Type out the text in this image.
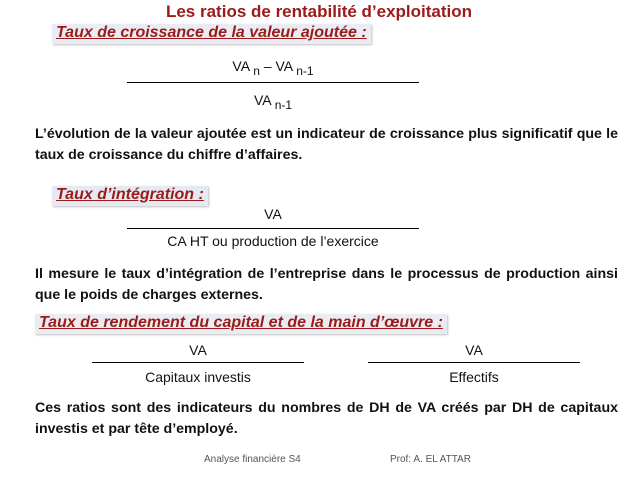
Les ratios de rentabilité d’exploitation
Taux de croissance de la valeur ajoutée :
VA n – VA n-1
VA n-1
L’évolution de la valeur ajoutée est un indicateur de croissance plus significatif que le taux de croissance du chiffre d’affaires.
Taux d’intégration :
VA
CA HT ou production de l’exercice
Il mesure le taux d’intégration de l’entreprise dans le processus de production ainsi que le poids de charges externes.
Taux de rendement du capital et de la main d’œuvre :
VA
Capitaux investis
VA
Effectifs
Ces ratios sont des indicateurs du nombres de DH de VA créés par DH de capitaux investis et par tête d’employé.
Analyse financière S4	Prof: A. EL ATTAR
